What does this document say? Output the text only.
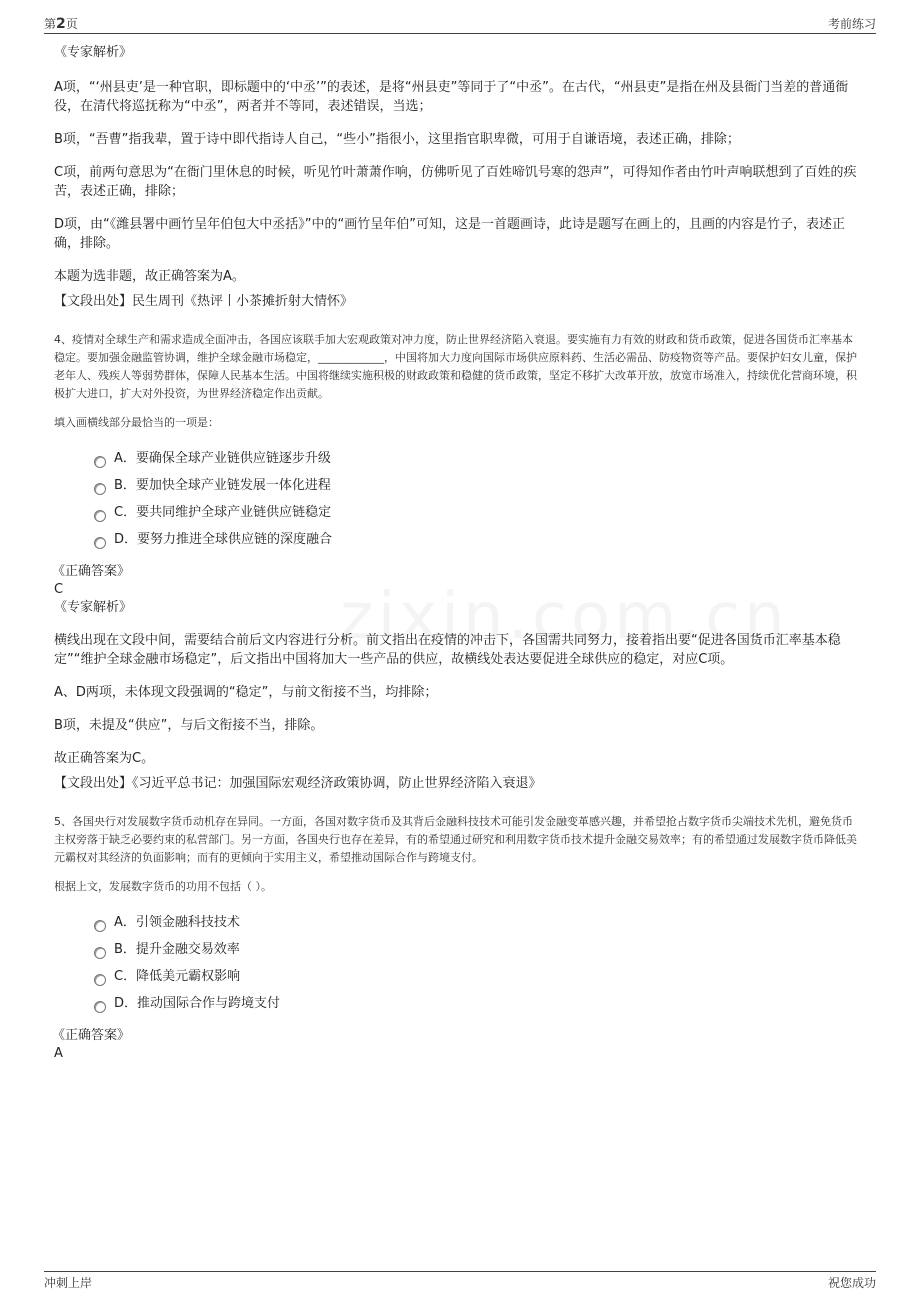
第2页	考前练习

《专家解析》

A项，“‘州县吏’是一种官职，即标题中的‘中丞’”的表述，是将“州县吏”等同于了“中丞”。在古代，“州县吏”是指在州及县衙门当差的普通衙役，在清代将巡抚称为“中丞”，两者并不等同，表述错误，当选；

B项，“吾曹”指我辈，置于诗中即代指诗人自己，“些小”指很小，这里指官职卑微，可用于自谦语境，表述正确，排除；

C项，前两句意思为“在衙门里休息的时候，听见竹叶萧萧作响，仿佛听见了百姓啼饥号寒的怨声”，可得知作者由竹叶声响联想到了百姓的疾苦，表述正确，排除；

D项，由“《潍县署中画竹呈年伯包大中丞括》”中的“画竹呈年伯”可知，这是一首题画诗，此诗是题写在画上的，且画的内容是竹子，表述正确，排除。

本题为选非题，故正确答案为A。

【文段出处】民生周刊《热评丨小茶摊折射大情怀》

4、疫情对全球生产和需求造成全面冲击，各国应该联手加大宏观政策对冲力度，防止世界经济陷入衰退。要实施有力有效的财政和货币政策，促进各国货币汇率基本稳定。要加强金融监管协调，维护全球金融市场稳定，____________，中国将加大力度向国际市场供应原料药、生活必需品、防疫物资等产品。要保护妇女儿童，保护老年人、残疾人等弱势群体，保障人民基本生活。中国将继续实施积极的财政政策和稳健的货币政策，坚定不移扩大改革开放，放宽市场准入，持续优化营商环境，积极扩大进口，扩大对外投资，为世界经济稳定作出贡献。

填入画横线部分最恰当的一项是：

A．要确保全球产业链供应链逐步升级
B．要加快全球产业链发展一体化进程
C．要共同维护全球产业链供应链稳定
D．要努力推进全球供应链的深度融合

《正确答案》

C

《专家解析》

横线出现在文段中间，需要结合前后文内容进行分析。前文指出在疫情的冲击下，各国需共同努力，接着指出要“促进各国货币汇率基本稳定”“维护全球金融市场稳定”，后文指出中国将加大一些产品的供应，故横线处表达要促进全球供应的稳定，对应C项。

A、D两项，未体现文段强调的“稳定”，与前文衔接不当，均排除；

B项，未提及“供应”，与后文衔接不当，排除。

故正确答案为C。

【文段出处】《习近平总书记：加强国际宏观经济政策协调，防止世界经济陷入衰退》

5、各国央行对发展数字货币动机存在异同。一方面，各国对数字货币及其背后金融科技技术可能引发金融变革感兴趣，并希望抢占数字货币尖端技术先机，避免货币主权旁落于缺乏必要约束的私营部门。另一方面，各国央行也存在差异，有的希望通过研究和利用数字货币技术提升金融交易效率；有的希望通过发展数字货币降低美元霸权对其经济的负面影响；而有的更倾向于实用主义，希望推动国际合作与跨境支付。

根据上文，发展数字货币的功用不包括（ ）。

A．引领金融科技技术
B．提升金融交易效率
C．降低美元霸权影响
D．推动国际合作与跨境支付

《正确答案》

A

冲刺上岸	祝您成功
